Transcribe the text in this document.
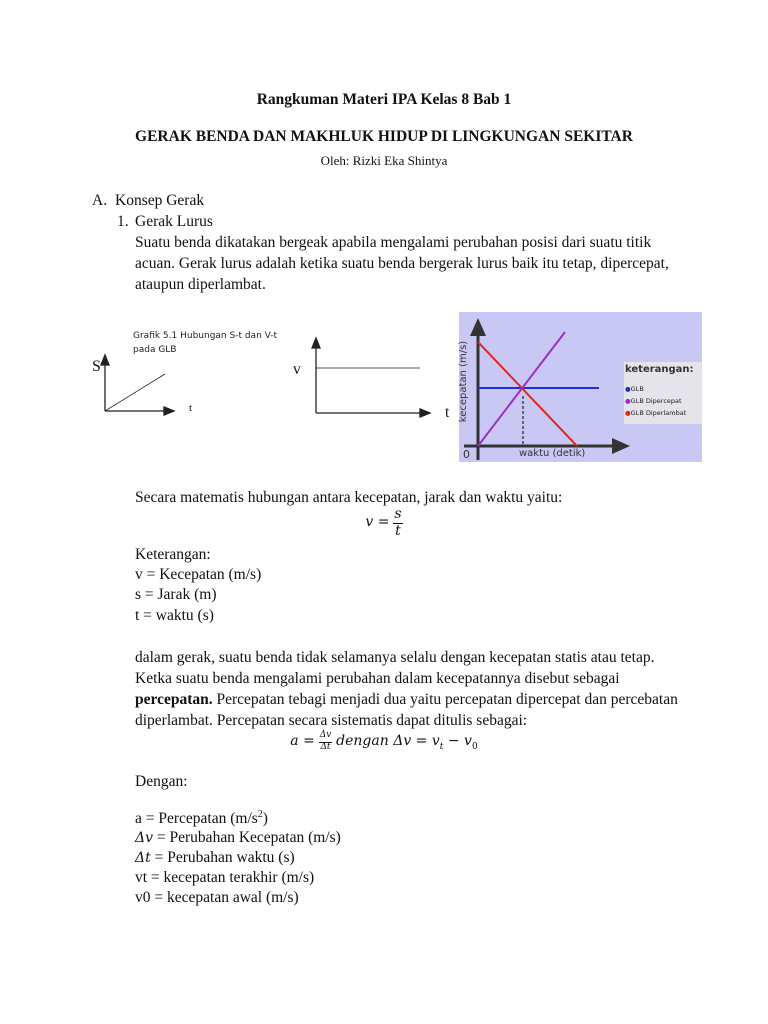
Rangkuman Materi IPA Kelas 8 Bab 1
GERAK BENDA DAN MAKHLUK HIDUP DI LINGKUNGAN SEKITAR
Oleh: Rizki Eka Shintya
A. Konsep Gerak
1. Gerak Lurus
Suatu benda dikatakan bergeak apabila mengalami perubahan posisi dari suatu titik
acuan. Gerak lurus adalah ketika suatu benda bergerak lurus baik itu tetap, dipercepat,
ataupun diperlambat.
Grafik 5.1 Hubungan S-t dan V-t
pada GLB
S
t
v
t kecepatan (m/s)
0	waktu (detik)
keterangan:
●GLB
●GLB Dipercepat
●GLB Diperlambat
Secara matematis hubungan antara kecepatan, jarak dan waktu yaitu:
$v = \frac{s}{t}$
Keterangan:
v = Kecepatan (m/s)
s = Jarak (m)
t = waktu (s)
dalam gerak, suatu benda tidak selamanya selalu dengan kecepatan statis atau tetap.
Ketka suatu benda mengalami perubahan dalam kecepatannya disebut sebagai
percepatan. Percepatan tebagi menjadi dua yaitu percepatan dipercepat dan percebatan
diperlambat. Percepatan secara sistematis dapat ditulis sebagai:
$a = \frac{\Delta v}{\Delta t}$ dengan $\Delta v = v_t - v_0$
Dengan:
a = Percepatan $(m/s^2)$
Δv = Perubahan Kecepatan (m/s)
Δt = Perubahan waktu (s)
vt = kecepatan terakhir (m/s)
v0 = kecepatan awal (m/s)
